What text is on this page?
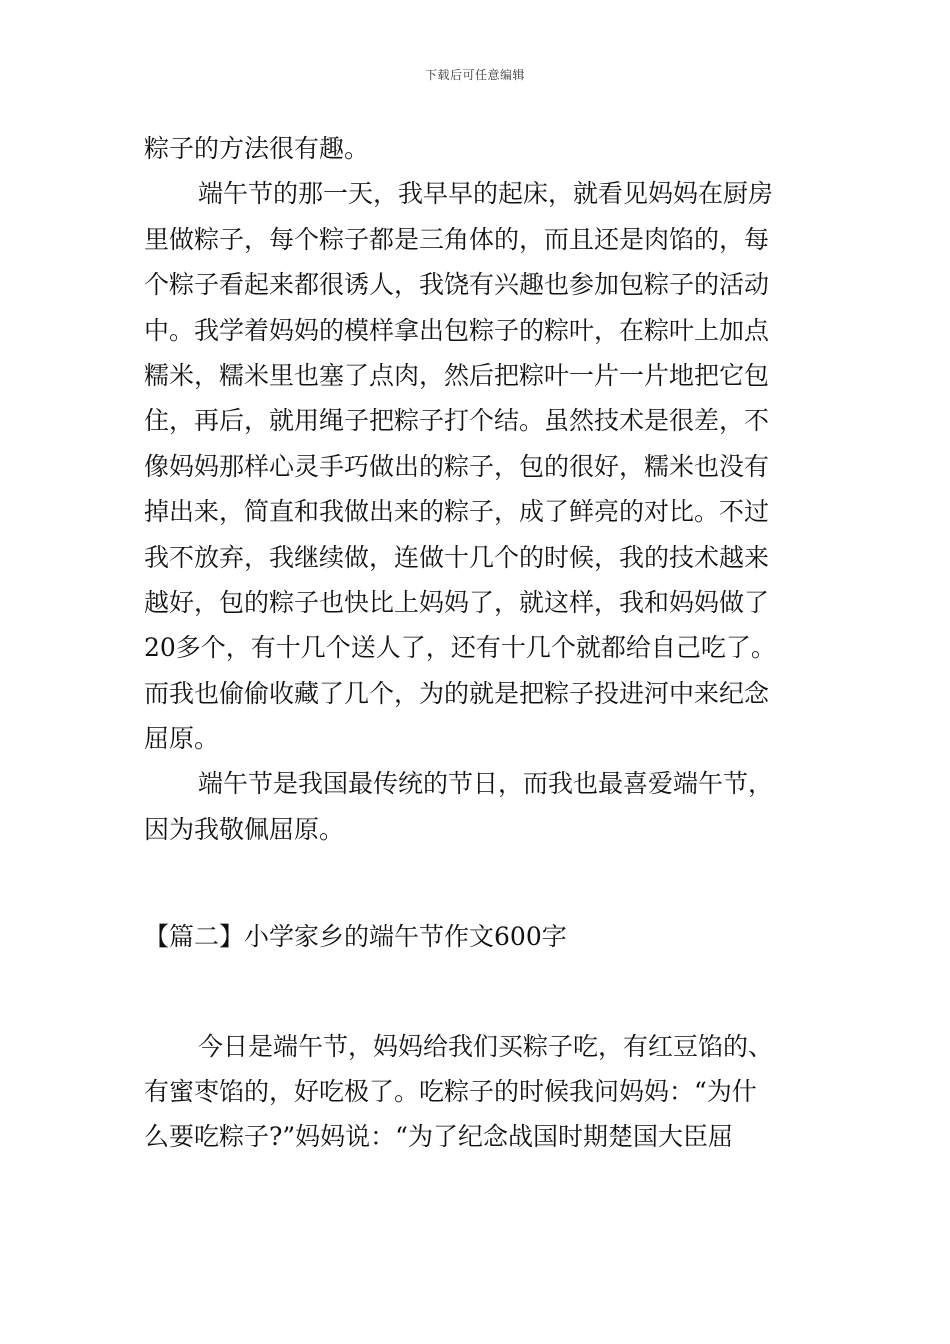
下载后可任意编辑
粽子的方法很有趣。
端午节的那一天，我早早的起床，就看见妈妈在厨房
里做粽子，每个粽子都是三角体的，而且还是肉馅的，每
个粽子看起来都很诱人，我饶有兴趣也参加包粽子的活动
中。我学着妈妈的模样拿出包粽子的粽叶，在粽叶上加点
糯米，糯米里也塞了点肉，然后把粽叶一片一片地把它包
住，再后，就用绳子把粽子打个结。虽然技术是很差，不
像妈妈那样心灵手巧做出的粽子，包的很好，糯米也没有
掉出来，简直和我做出来的粽子，成了鲜亮的对比。不过
我不放弃，我继续做，连做十几个的时候，我的技术越来
越好，包的粽子也快比上妈妈了，就这样，我和妈妈做了
20多个，有十几个送人了，还有十几个就都给自己吃了。
而我也偷偷收藏了几个，为的就是把粽子投进河中来纪念
屈原。
端午节是我国最传统的节日，而我也最喜爱端午节，
因为我敬佩屈原。
【篇二】小学家乡的端午节作文600字
今日是端午节，妈妈给我们买粽子吃，有红豆馅的、
有蜜枣馅的，好吃极了。吃粽子的时候我问妈妈：“为什
么要吃粽子?”妈妈说：“为了纪念战国时期楚国大臣屈
